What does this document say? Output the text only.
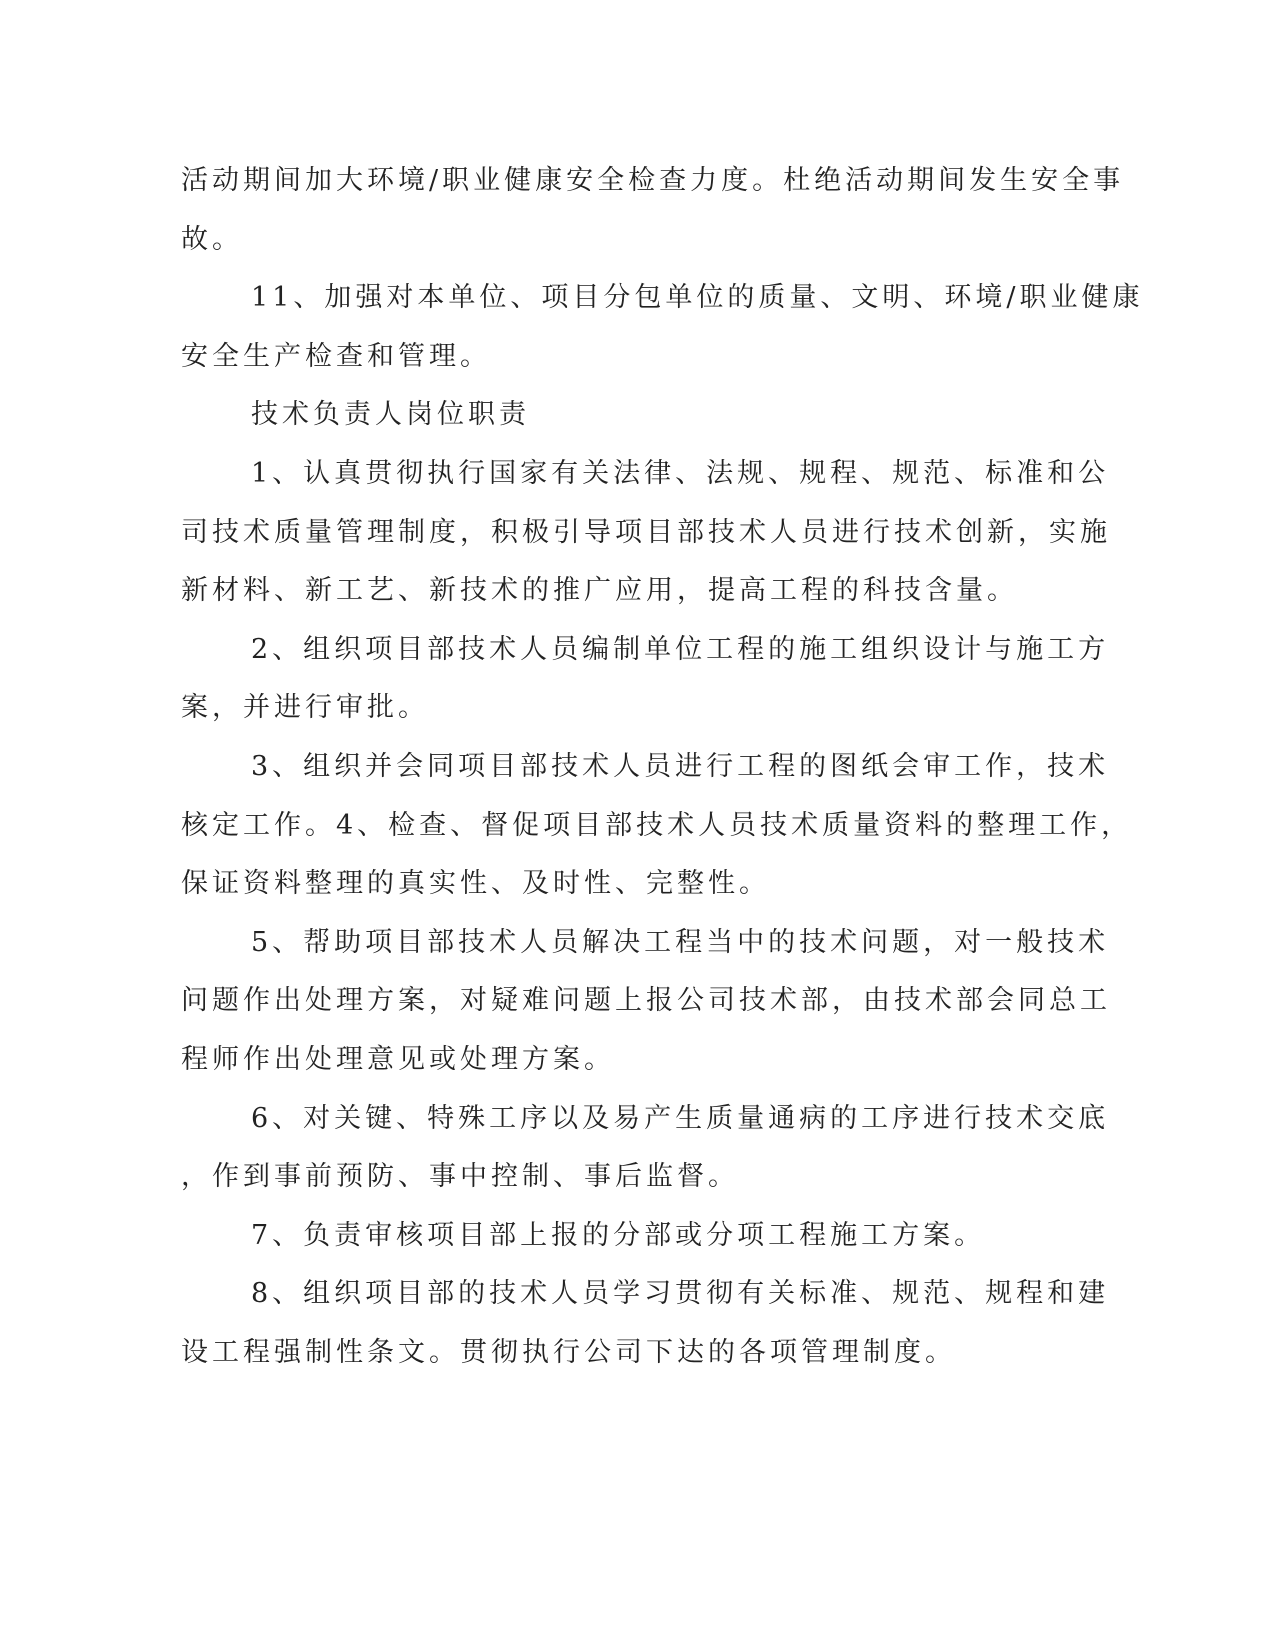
活动期间加大环境/职业健康安全检查力度。杜绝活动期间发生安全事
故。
11、加强对本单位、项目分包单位的质量、文明、环境/职业健康
安全生产检查和管理。
技术负责人岗位职责
1、认真贯彻执行国家有关法律、法规、规程、规范、标准和公
司技术质量管理制度，积极引导项目部技术人员进行技术创新，实施
新材料、新工艺、新技术的推广应用，提高工程的科技含量。
2、组织项目部技术人员编制单位工程的施工组织设计与施工方
案，并进行审批。
3、组织并会同项目部技术人员进行工程的图纸会审工作，技术
核定工作。4、检查、督促项目部技术人员技术质量资料的整理工作，
保证资料整理的真实性、及时性、完整性。
5、帮助项目部技术人员解决工程当中的技术问题，对一般技术
问题作出处理方案，对疑难问题上报公司技术部，由技术部会同总工
程师作出处理意见或处理方案。
6、对关键、特殊工序以及易产生质量通病的工序进行技术交底
，作到事前预防、事中控制、事后监督。
7、负责审核项目部上报的分部或分项工程施工方案。
8、组织项目部的技术人员学习贯彻有关标准、规范、规程和建
设工程强制性条文。贯彻执行公司下达的各项管理制度。
